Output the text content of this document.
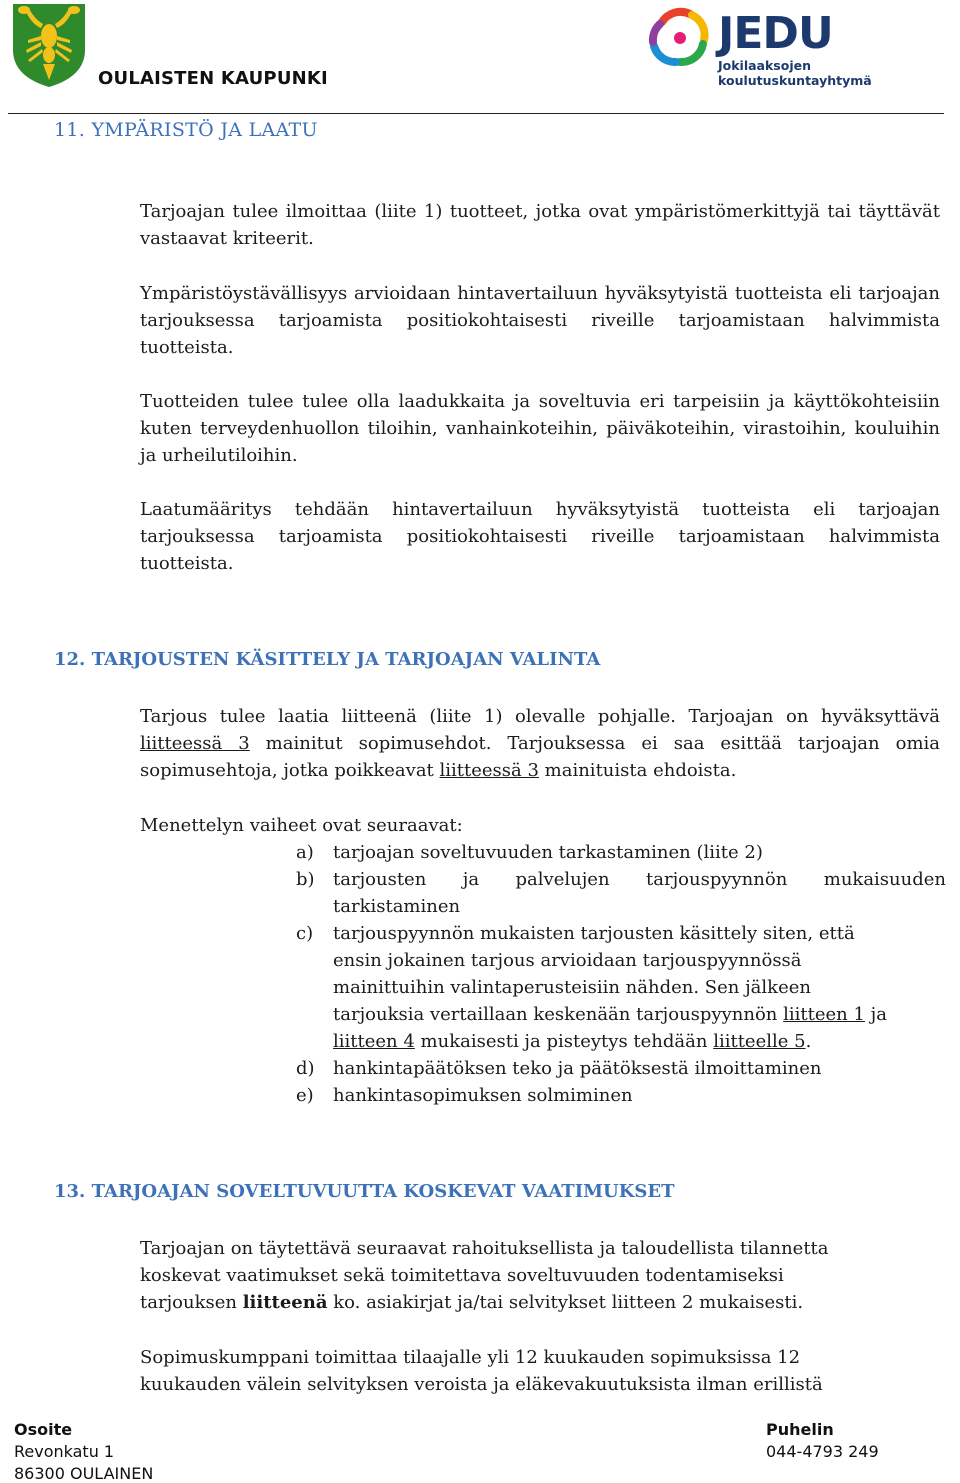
OULAISTEN KAUPUNKI
JEDU
Jokilaaksojen
koulutuskuntayhtymä
11. YMPÄRISTÖ JA LAATU

Tarjoajan tulee ilmoittaa (liite 1) tuotteet, jotka ovat ympäristömerkittyjä tai täyttävät vastaavat kriteerit.

Ympäristöystävällisyys arvioidaan hintavertailuun hyväksytyistä tuotteista eli tarjoajan tarjouksessa tarjoamista positiokohtaisesti riveille tarjoamistaan halvimmista tuotteista.

Tuotteiden tulee tulee olla laadukkaita ja soveltuvia eri tarpeisiin ja käyttökohteisiin kuten terveydenhuollon tiloihin, vanhainkoteihin, päiväkoteihin, virastoihin, kouluihin ja urheilutiloihin.

Laatumääritys tehdään hintavertailuun hyväksytyistä tuotteista eli tarjoajan tarjouksessa tarjoamista positiokohtaisesti riveille tarjoamistaan halvimmista tuotteista.

12. TARJOUSTEN KÄSITTELY JA TARJOAJAN VALINTA

Tarjous tulee laatia liitteenä (liite 1) olevalle pohjalle. Tarjoajan on hyväksyttävä liitteessä 3 mainitut sopimusehdot. Tarjouksessa ei saa esittää tarjoajan omia sopimusehtoja, jotka poikkeavat liitteessä 3 mainituista ehdoista.

Menettelyn vaiheet ovat seuraavat:

a)	tarjoajan soveltuvuuden tarkastaminen (liite 2)
b)	tarjousten ja palvelujen tarjouspyynnön mukaisuuden
tarkistaminen
c)	tarjouspyynnön mukaisten tarjousten käsittely siten, että
ensin jokainen tarjous arvioidaan tarjouspyynnössä
mainittuihin valintaperusteisiin nähden. Sen jälkeen
tarjouksia vertaillaan keskenään tarjouspyynnön liitteen 1 ja
liitteen 4 mukaisesti ja pisteytys tehdään liitteelle 5.
d)	hankintapäätöksen teko ja päätöksestä ilmoittaminen
e)	hankintasopimuksen solmiminen
13. TARJOAJAN SOVELTUVUUTTA KOSKEVAT VAATIMUKSET

Tarjoajan on täytettävä seuraavat rahoituksellista ja taloudellista tilannetta

koskevat vaatimukset sekä toimitettava soveltuvuuden todentamiseksi

tarjouksen liitteenä ko. asiakirjat ja/tai selvitykset liitteen 2 mukaisesti.

Sopimuskumppani toimittaa tilaajalle yli 12 kuukauden sopimuksissa 12

kuukauden välein selvityksen veroista ja eläkevakuutuksista ilman erillistä

Osoite
Revonkatu 1
86300 OULAINEN
Puhelin
044-4793 249
